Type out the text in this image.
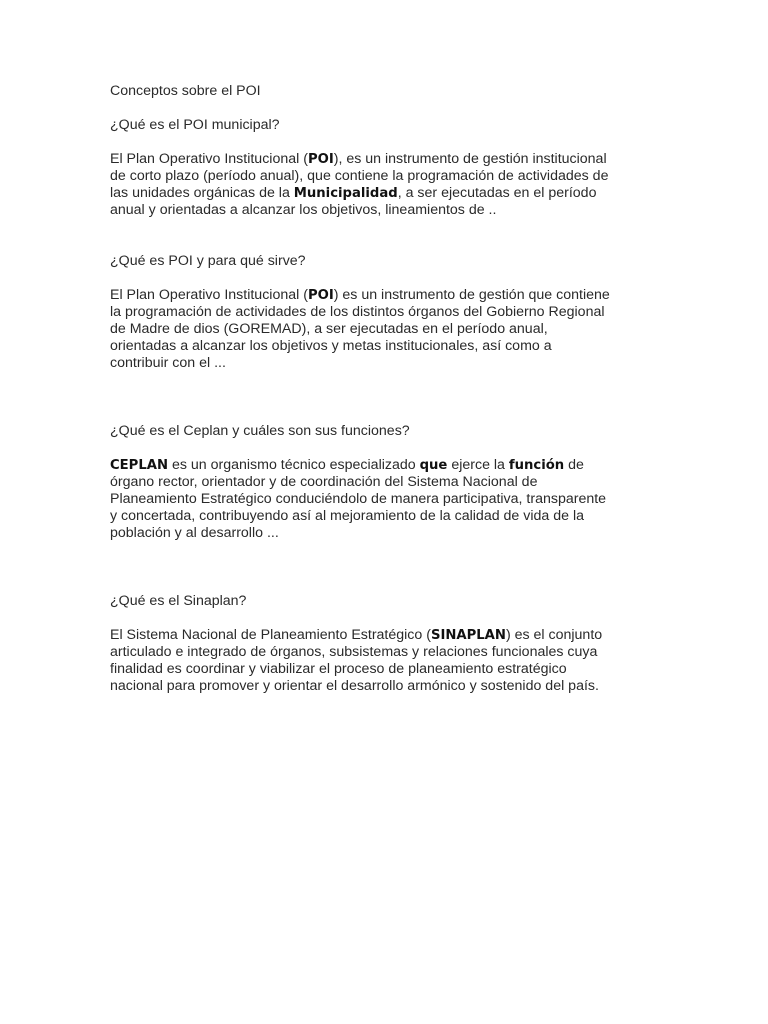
Conceptos sobre el POI

¿Qué es el POI municipal?

El Plan Operativo Institucional (POI), es un instrumento de gestión institucional
de corto plazo (período anual), que contiene la programación de actividades de
las unidades orgánicas de la Municipalidad, a ser ejecutadas en el período
anual y orientadas a alcanzar los objetivos, lineamientos de ..

¿Qué es POI y para qué sirve?

El Plan Operativo Institucional (POI) es un instrumento de gestión que contiene
la programación de actividades de los distintos órganos del Gobierno Regional
de Madre de dios (GOREMAD), a ser ejecutadas en el período anual,
orientadas a alcanzar los objetivos y metas institucionales, así como a
contribuir con el ...

¿Qué es el Ceplan y cuáles son sus funciones?

CEPLAN es un organismo técnico especializado que ejerce la función de
órgano rector, orientador y de coordinación del Sistema Nacional de
Planeamiento Estratégico conduciéndolo de manera participativa, transparente
y concertada, contribuyendo así al mejoramiento de la calidad de vida de la
población y al desarrollo ...

¿Qué es el Sinaplan?

El Sistema Nacional de Planeamiento Estratégico (SINAPLAN) es el conjunto
articulado e integrado de órganos, subsistemas y relaciones funcionales cuya
finalidad es coordinar y viabilizar el proceso de planeamiento estratégico
nacional para promover y orientar el desarrollo armónico y sostenido del país.
